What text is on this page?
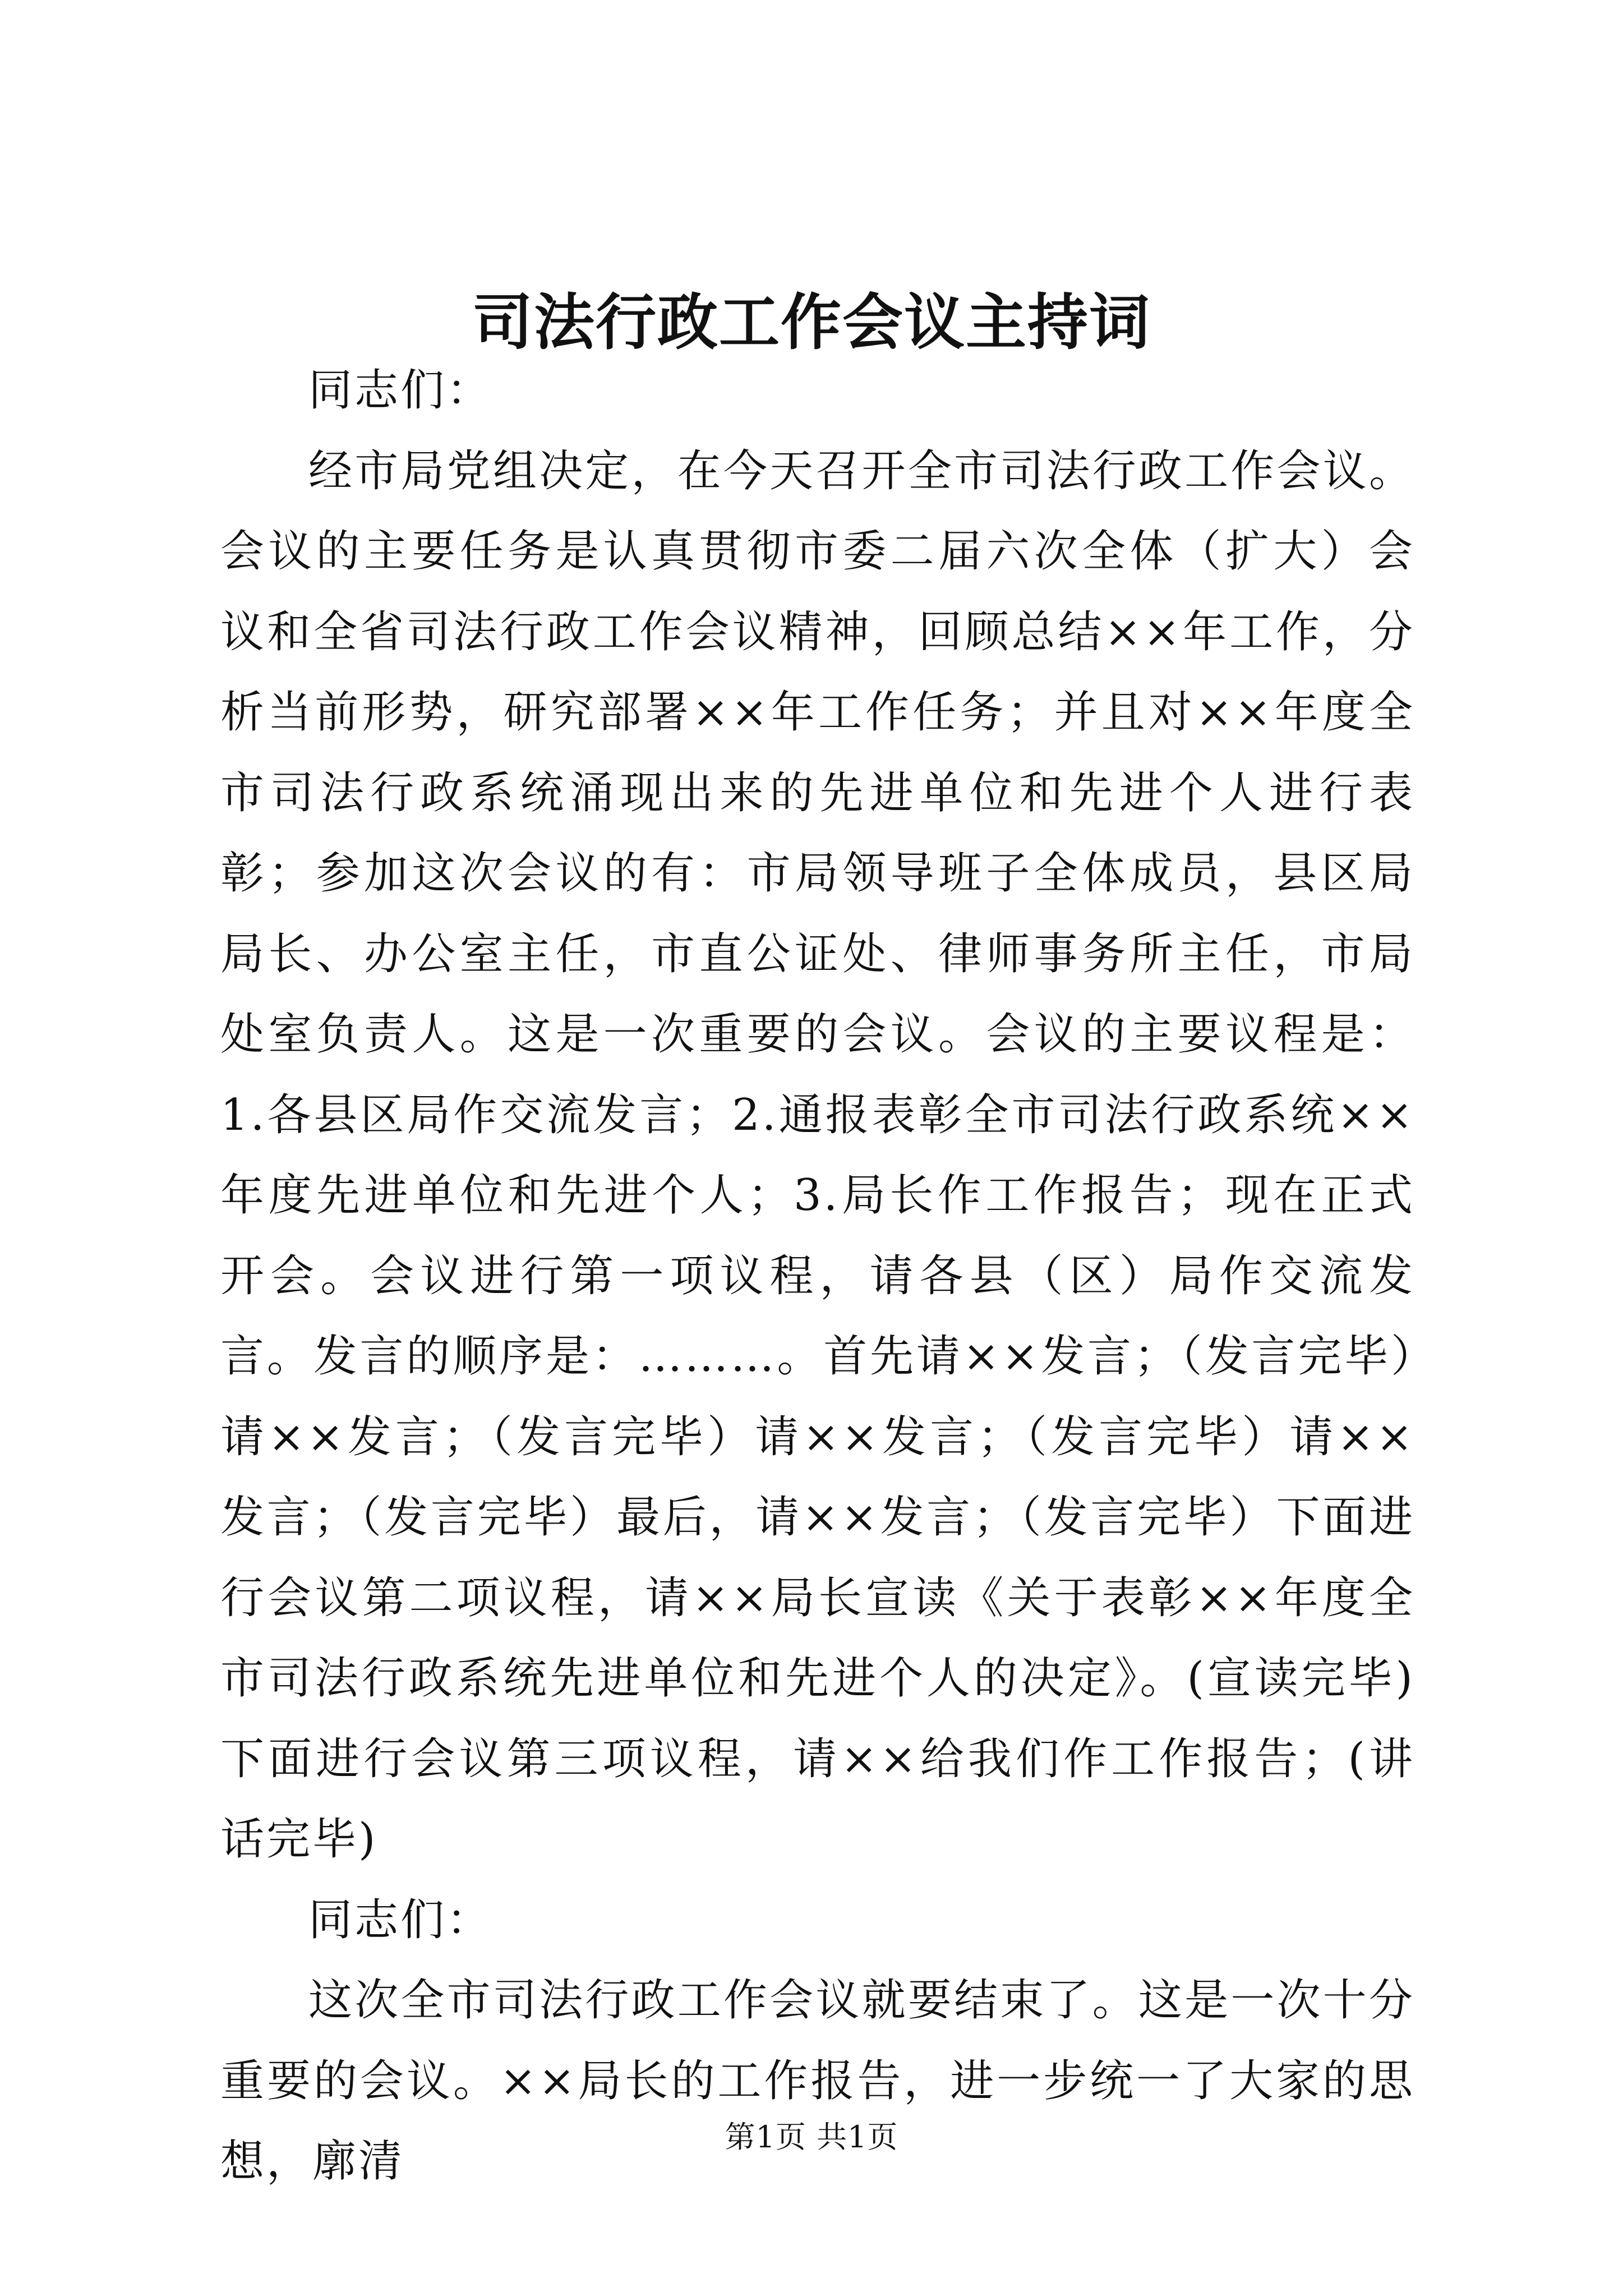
司法行政工作会议主持词

同志们：

经市局党组决定，在今天召开全市司法行政工作会议。会议的主要任务是认真贯彻市委二届六次全体（扩大）会议和全省司法行政工作会议精神，回顾总结××年工作，分析当前形势，研究部署××年工作任务；并且对××年度全市司法行政系统涌现出来的先进单位和先进个人进行表彰；参加这次会议的有：市局领导班子全体成员，县区局局长、办公室主任，市直公证处、律师事务所主任，市局处室负责人。这是一次重要的会议。会议的主要议程是：1.各县区局作交流发言；2.通报表彰全市司法行政系统××年度先进单位和先进个人；3.局长作工作报告；现在正式开会。会议进行第一项议程，请各县（区）局作交流发言。发言的顺序是：………。首先请××发言；（发言完毕）请××发言；（发言完毕）请××发言；（发言完毕）请××发言；（发言完毕）最后，请××发言；（发言完毕）下面进行会议第二项议程，请××局长宣读《关于表彰××年度全市司法行政系统先进单位和先进个人的决定》。(宣读完毕)下面进行会议第三项议程，请××给我们作工作报告；(讲话完毕)

同志们：

这次全市司法行政工作会议就要结束了。这是一次十分重要的会议。××局长的工作报告，进一步统一了大家的思想，廓清	第1页 共1页
